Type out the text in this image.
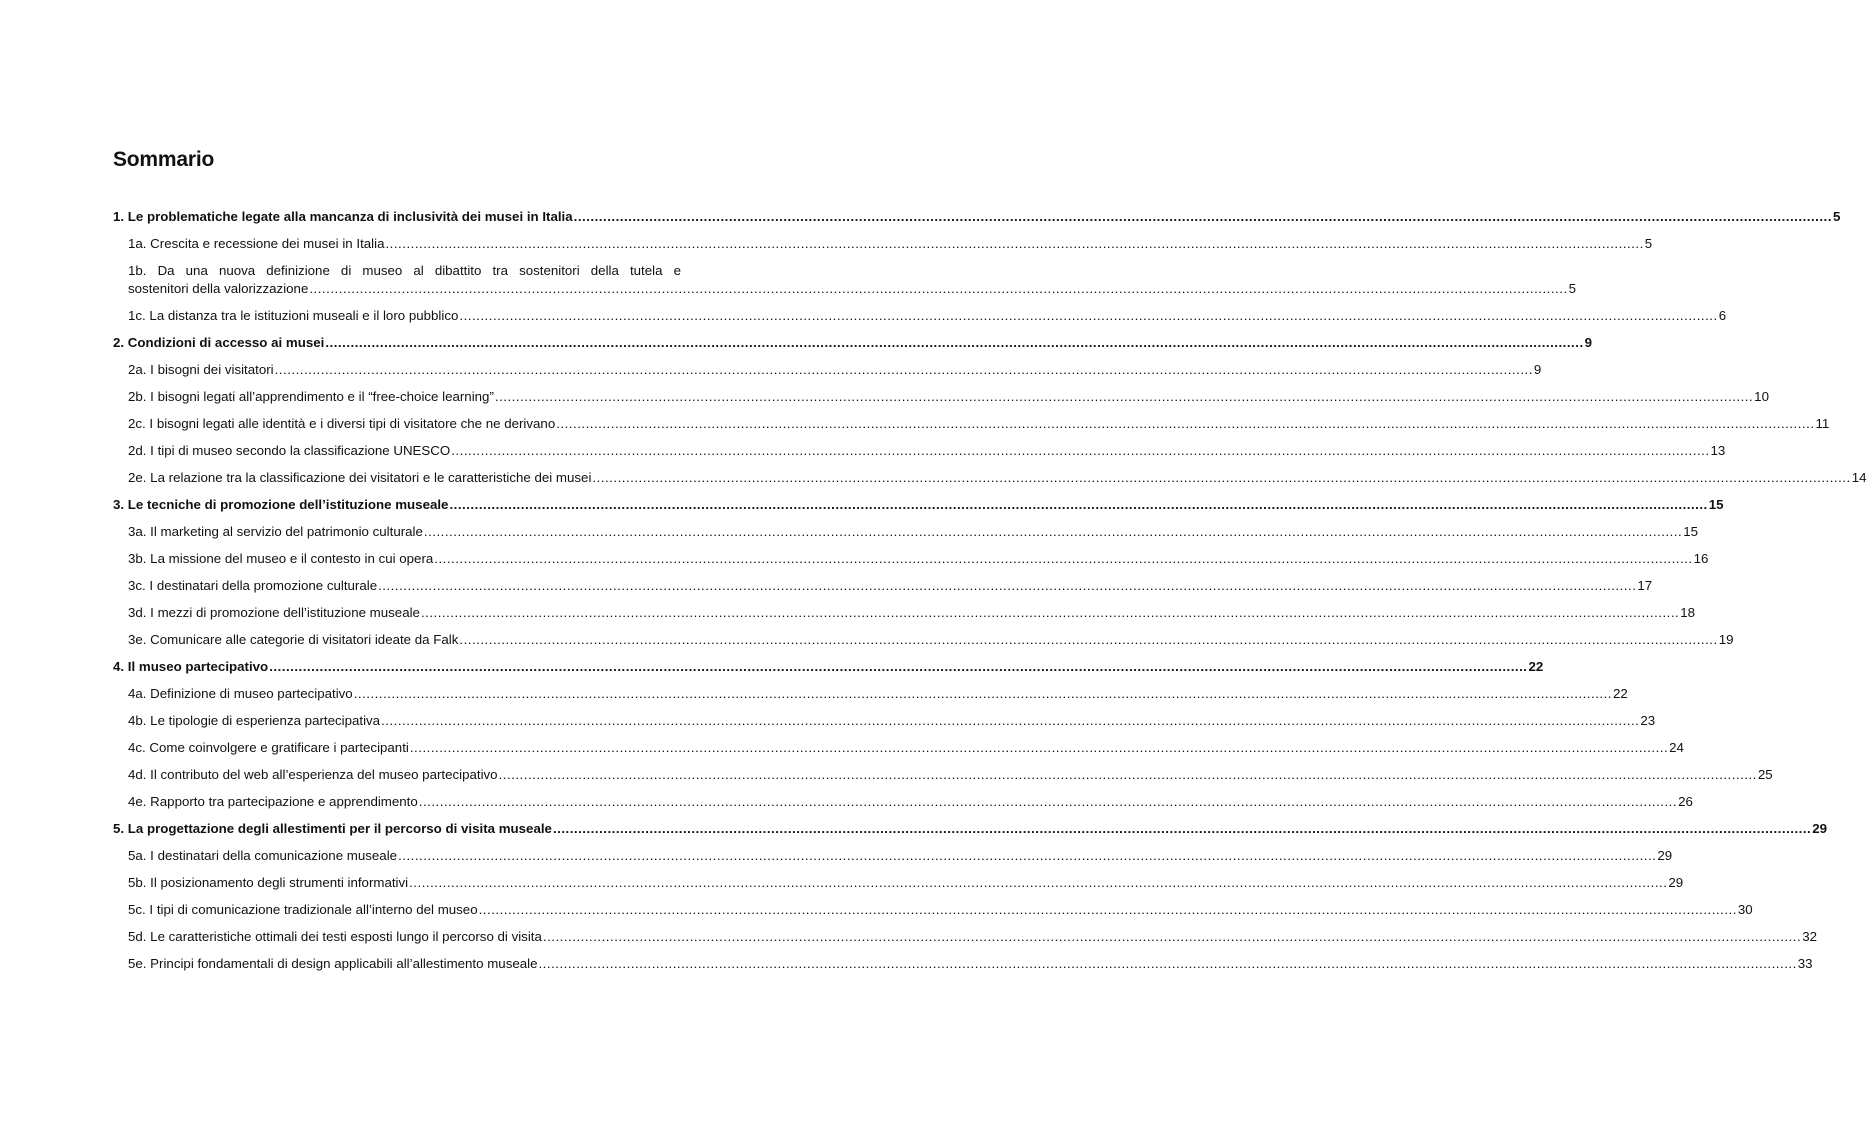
Sommario
1. Le problematiche legate alla mancanza di inclusività dei musei in Italia ............................................................................................................................................................................................................................................................................................................ 5
1a. Crescita e recessione dei musei in Italia ............................................................................................................................................................................................................................................................................................................ 5
1b. Da una nuova definizione di museo al dibattito tra sostenitori della tutela e
sostenitori della valorizzazione ............................................................................................................................................................................................................................................................................................................ 5
1c. La distanza tra le istituzioni museali e il loro pubblico ............................................................................................................................................................................................................................................................................................................ 6
2. Condizioni di accesso ai musei ............................................................................................................................................................................................................................................................................................................ 9
2a. I bisogni dei visitatori ............................................................................................................................................................................................................................................................................................................ 9
2b. I bisogni legati all’apprendimento e il “free-choice learning” ............................................................................................................................................................................................................................................................................................................ 10
2c. I bisogni legati alle identità e i diversi tipi di visitatore che ne derivano ............................................................................................................................................................................................................................................................................................................ 11
2d. I tipi di museo secondo la classificazione UNESCO ............................................................................................................................................................................................................................................................................................................ 13
2e. La relazione tra la classificazione dei visitatori e le caratteristiche dei musei ............................................................................................................................................................................................................................................................................................................ 14
3. Le tecniche di promozione dell’istituzione museale ............................................................................................................................................................................................................................................................................................................ 15
3a. Il marketing al servizio del patrimonio culturale ............................................................................................................................................................................................................................................................................................................ 15
3b. La missione del museo e il contesto in cui opera ............................................................................................................................................................................................................................................................................................................ 16
3c. I destinatari della promozione culturale ............................................................................................................................................................................................................................................................................................................ 17
3d. I mezzi di promozione dell’istituzione museale ............................................................................................................................................................................................................................................................................................................ 18
3e. Comunicare alle categorie di visitatori ideate da Falk ............................................................................................................................................................................................................................................................................................................ 19
4. Il museo partecipativo ............................................................................................................................................................................................................................................................................................................ 22
4a. Definizione di museo partecipativo ............................................................................................................................................................................................................................................................................................................ 22
4b. Le tipologie di esperienza partecipativa ............................................................................................................................................................................................................................................................................................................ 23
4c. Come coinvolgere e gratificare i partecipanti ............................................................................................................................................................................................................................................................................................................ 24
4d. Il contributo del web all’esperienza del museo partecipativo ............................................................................................................................................................................................................................................................................................................ 25
4e. Rapporto tra partecipazione e apprendimento ............................................................................................................................................................................................................................................................................................................ 26
5. La progettazione degli allestimenti per il percorso di visita museale ............................................................................................................................................................................................................................................................................................................ 29
5a. I destinatari della comunicazione museale ............................................................................................................................................................................................................................................................................................................ 29
5b. Il posizionamento degli strumenti informativi ............................................................................................................................................................................................................................................................................................................ 29
5c. I tipi di comunicazione tradizionale all’interno del museo ............................................................................................................................................................................................................................................................................................................ 30
5d. Le caratteristiche ottimali dei testi esposti lungo il percorso di visita ............................................................................................................................................................................................................................................................................................................ 32
5e. Principi fondamentali di design applicabili all’allestimento museale ............................................................................................................................................................................................................................................................................................................ 33
